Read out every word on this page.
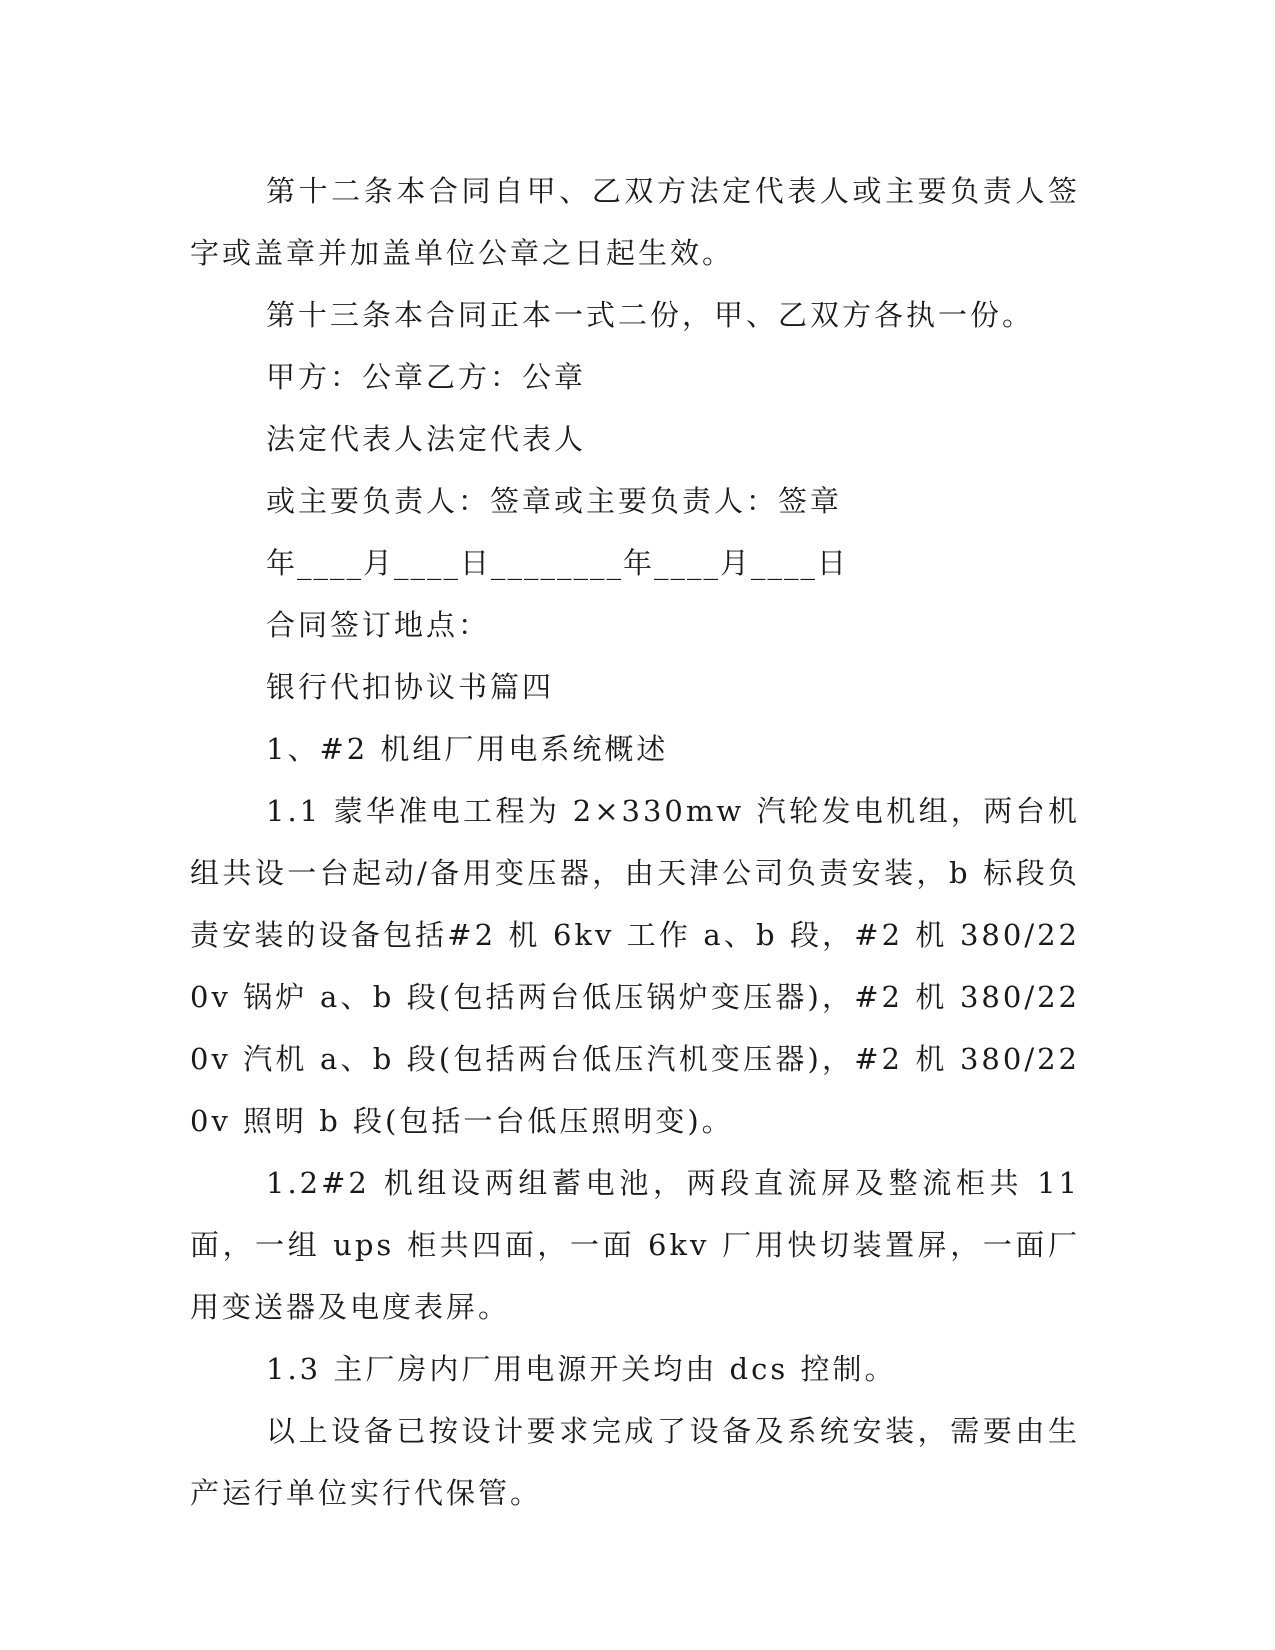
第十二条本合同自甲、乙双方法定代表人或主要负责人签字或盖章并加盖单位公章之日起生效。

第十三条本合同正本一式二份，甲、乙双方各执一份。

甲方：公章乙方：公章

法定代表人法定代表人

或主要负责人：签章或主要负责人：签章

年____月____日________年____月____日

合同签订地点：

银行代扣协议书篇四

1、#2 机组厂用电系统概述

1.1 蒙华准电工程为 2×330mw 汽轮发电机组，两台机组共设一台起动/备用变压器，由天津公司负责安装，b 标段负责安装的设备包括#2 机 6kv 工作 a、b 段，#2 机 380/220v 锅炉 a、b 段(包括两台低压锅炉变压器)，#2 机 380/220v 汽机 a、b 段(包括两台低压汽机变压器)，#2 机 380/220v 照明 b 段(包括一台低压照明变)。

1.2#2 机组设两组蓄电池，两段直流屏及整流柜共 11 面，一组 ups 柜共四面，一面 6kv 厂用快切装置屏，一面厂用变送器及电度表屏。

1.3 主厂房内厂用电源开关均由 dcs 控制。

以上设备已按设计要求完成了设备及系统安装，需要由生产运行单位实行代保管。
